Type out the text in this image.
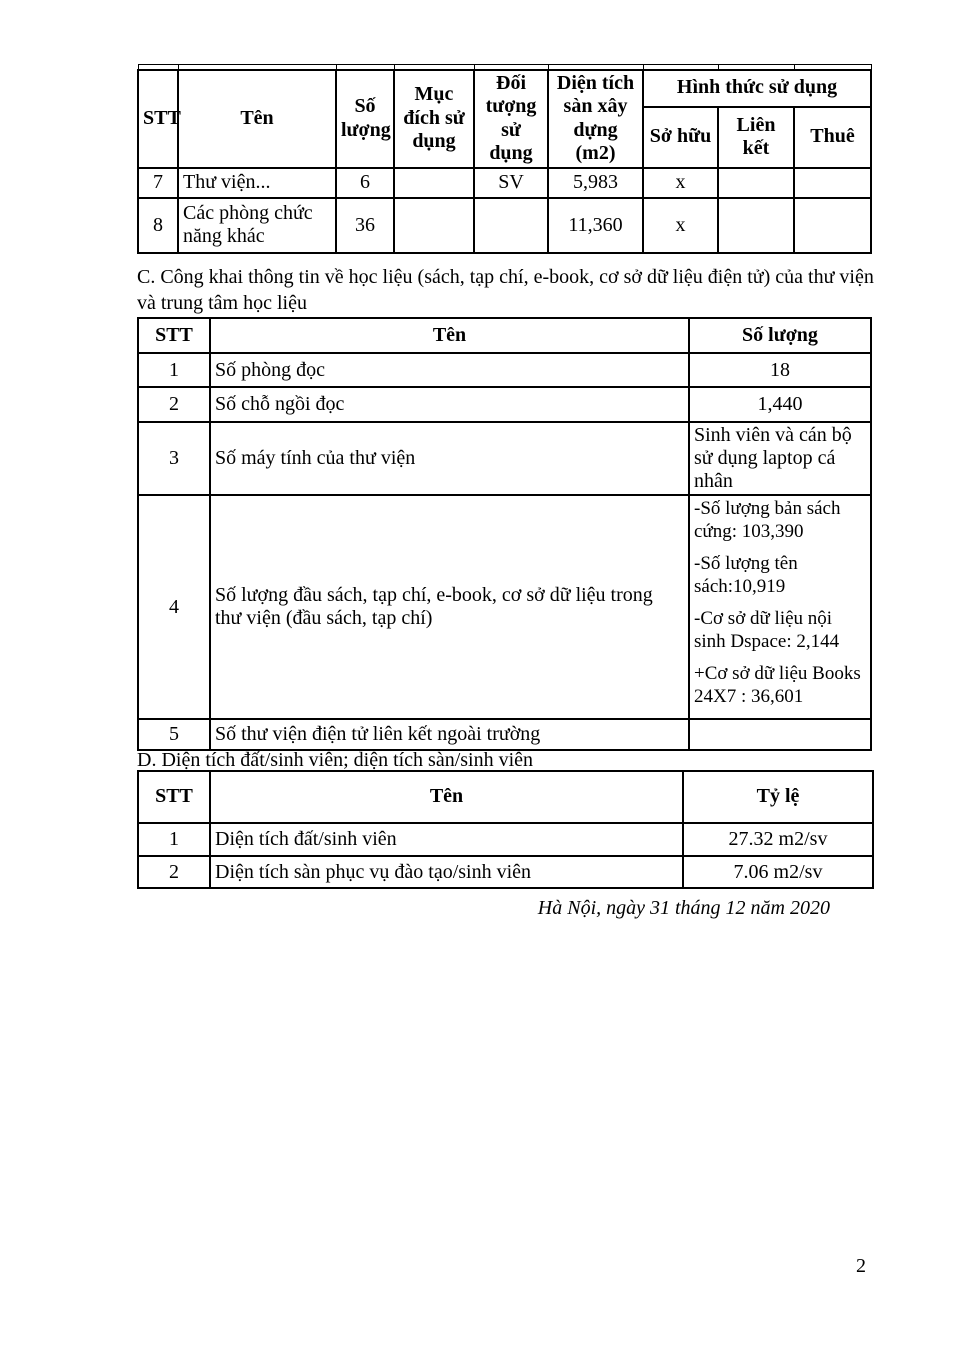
STT	Tên	Số lượng	Mục đích sử dụng	Đối tượng sử dụng	Diện tích sàn xây dựng (m2)	Hình thức sử dụng		
						Sở hữu	Liên kết	Thuê
7	Thư viện...	6		SV	5,983	x		
8	Các phòng chức năng khác	36			11,360	x		

C. Công khai thông tin về học liệu (sách, tạp chí, e-book, cơ sở dữ liệu điện tử) của thư viện
và trung tâm học liệu

STT	Tên	Số lượng
1	Số phòng đọc	18
2	Số chỗ ngồi đọc	1,440
3	Số máy tính của thư viện	Sinh viên và cán bộ sử dụng laptop cá nhân
4	Số lượng đầu sách, tạp chí, e-book, cơ sở dữ liệu trong thư viện (đầu sách, tạp chí)	-Số lượng bản sách cứng: 103,390

-Số lượng tên sách:10,919

-Cơ sở dữ liệu nội sinh Dspace: 2,144

+Cơ sở dữ liệu Books 24X7 : 36,601

5	Số thư viện điện tử liên kết ngoài trường	

D. Diện tích đất/sinh viên; diện tích sàn/sinh viên

STT	Tên	Tỷ lệ
1	Diện tích đất/sinh viên	27.32 m2/sv
2	Diện tích sàn phục vụ đào tạo/sinh viên	7.06 m2/sv
Hà Nội, ngày 31 tháng 12 năm 2020
2
